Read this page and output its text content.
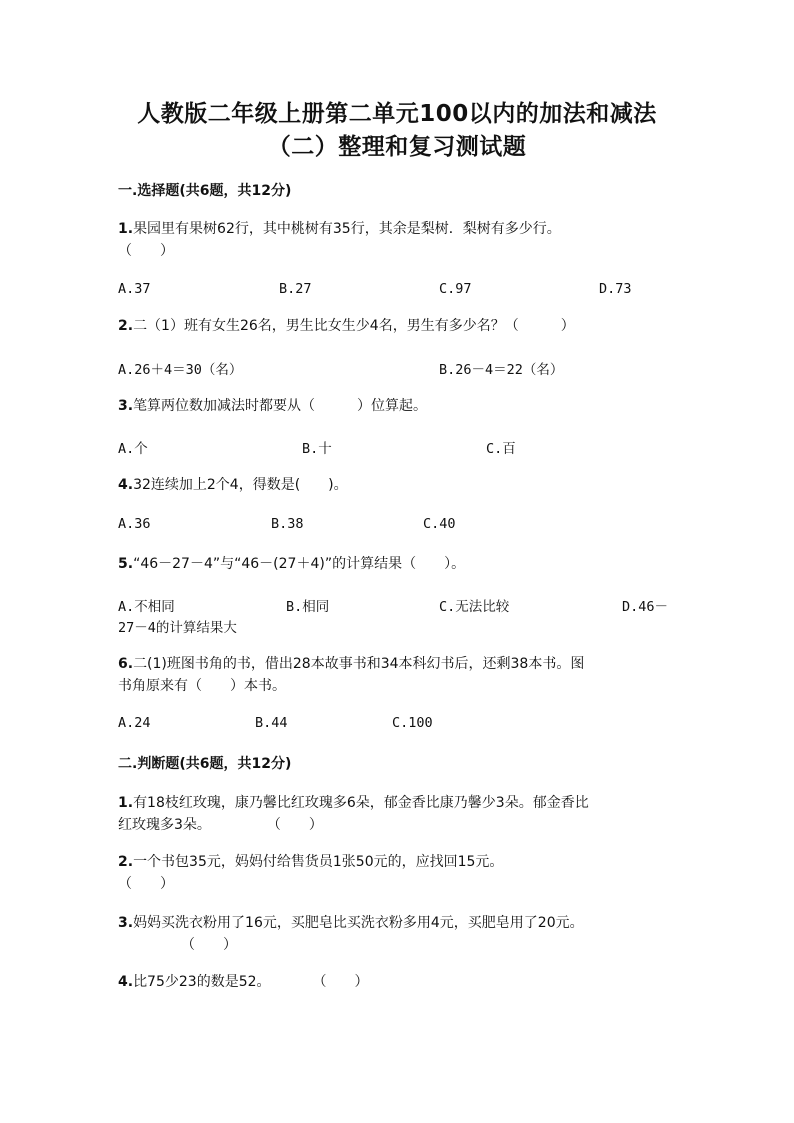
人教版二年级上册第二单元100以内的加法和减法
（二）整理和复习测试题
一.选择题(共6题，共12分)
1.果园里有果树62行，其中桃树有35行，其余是梨树．梨树有多少行。
（　　）
A.37	B.27	C.97	D.73
2.二（1）班有女生26名，男生比女生少4名，男生有多少名？（　　　）
A.26＋4＝30（名）	B.26－4＝22（名）
3.笔算两位数加减法时都要从（　　　）位算起。
A.个	B.十	C.百
4.32连续加上2个4，得数是(　　)。
A.36	B.38	C.40
5.“46－27－4”与“46－(27＋4)”的计算结果（　　）。
A.不相同	B.相同	C.无法比较	D.46－
27－4的计算结果大
6.二(1)班图书角的书，借出28本故事书和34本科幻书后，还剩38本书。图
书角原来有（　　）本书。
A.24	B.44	C.100
二.判断题(共6题，共12分)
1.有18枝红玫瑰，康乃馨比红玫瑰多6朵，郁金香比康乃馨少3朵。郁金香比
红玫瑰多3朵。　　　　　（　　）
2.一个书包35元，妈妈付给售货员1张50元的，应找回15元。
（　　）
3.妈妈买洗衣粉用了16元，买肥皂比买洗衣粉多用4元，买肥皂用了20元。
　　　　　（　　）
4.比75少23的数是52。　　　　（　　）
